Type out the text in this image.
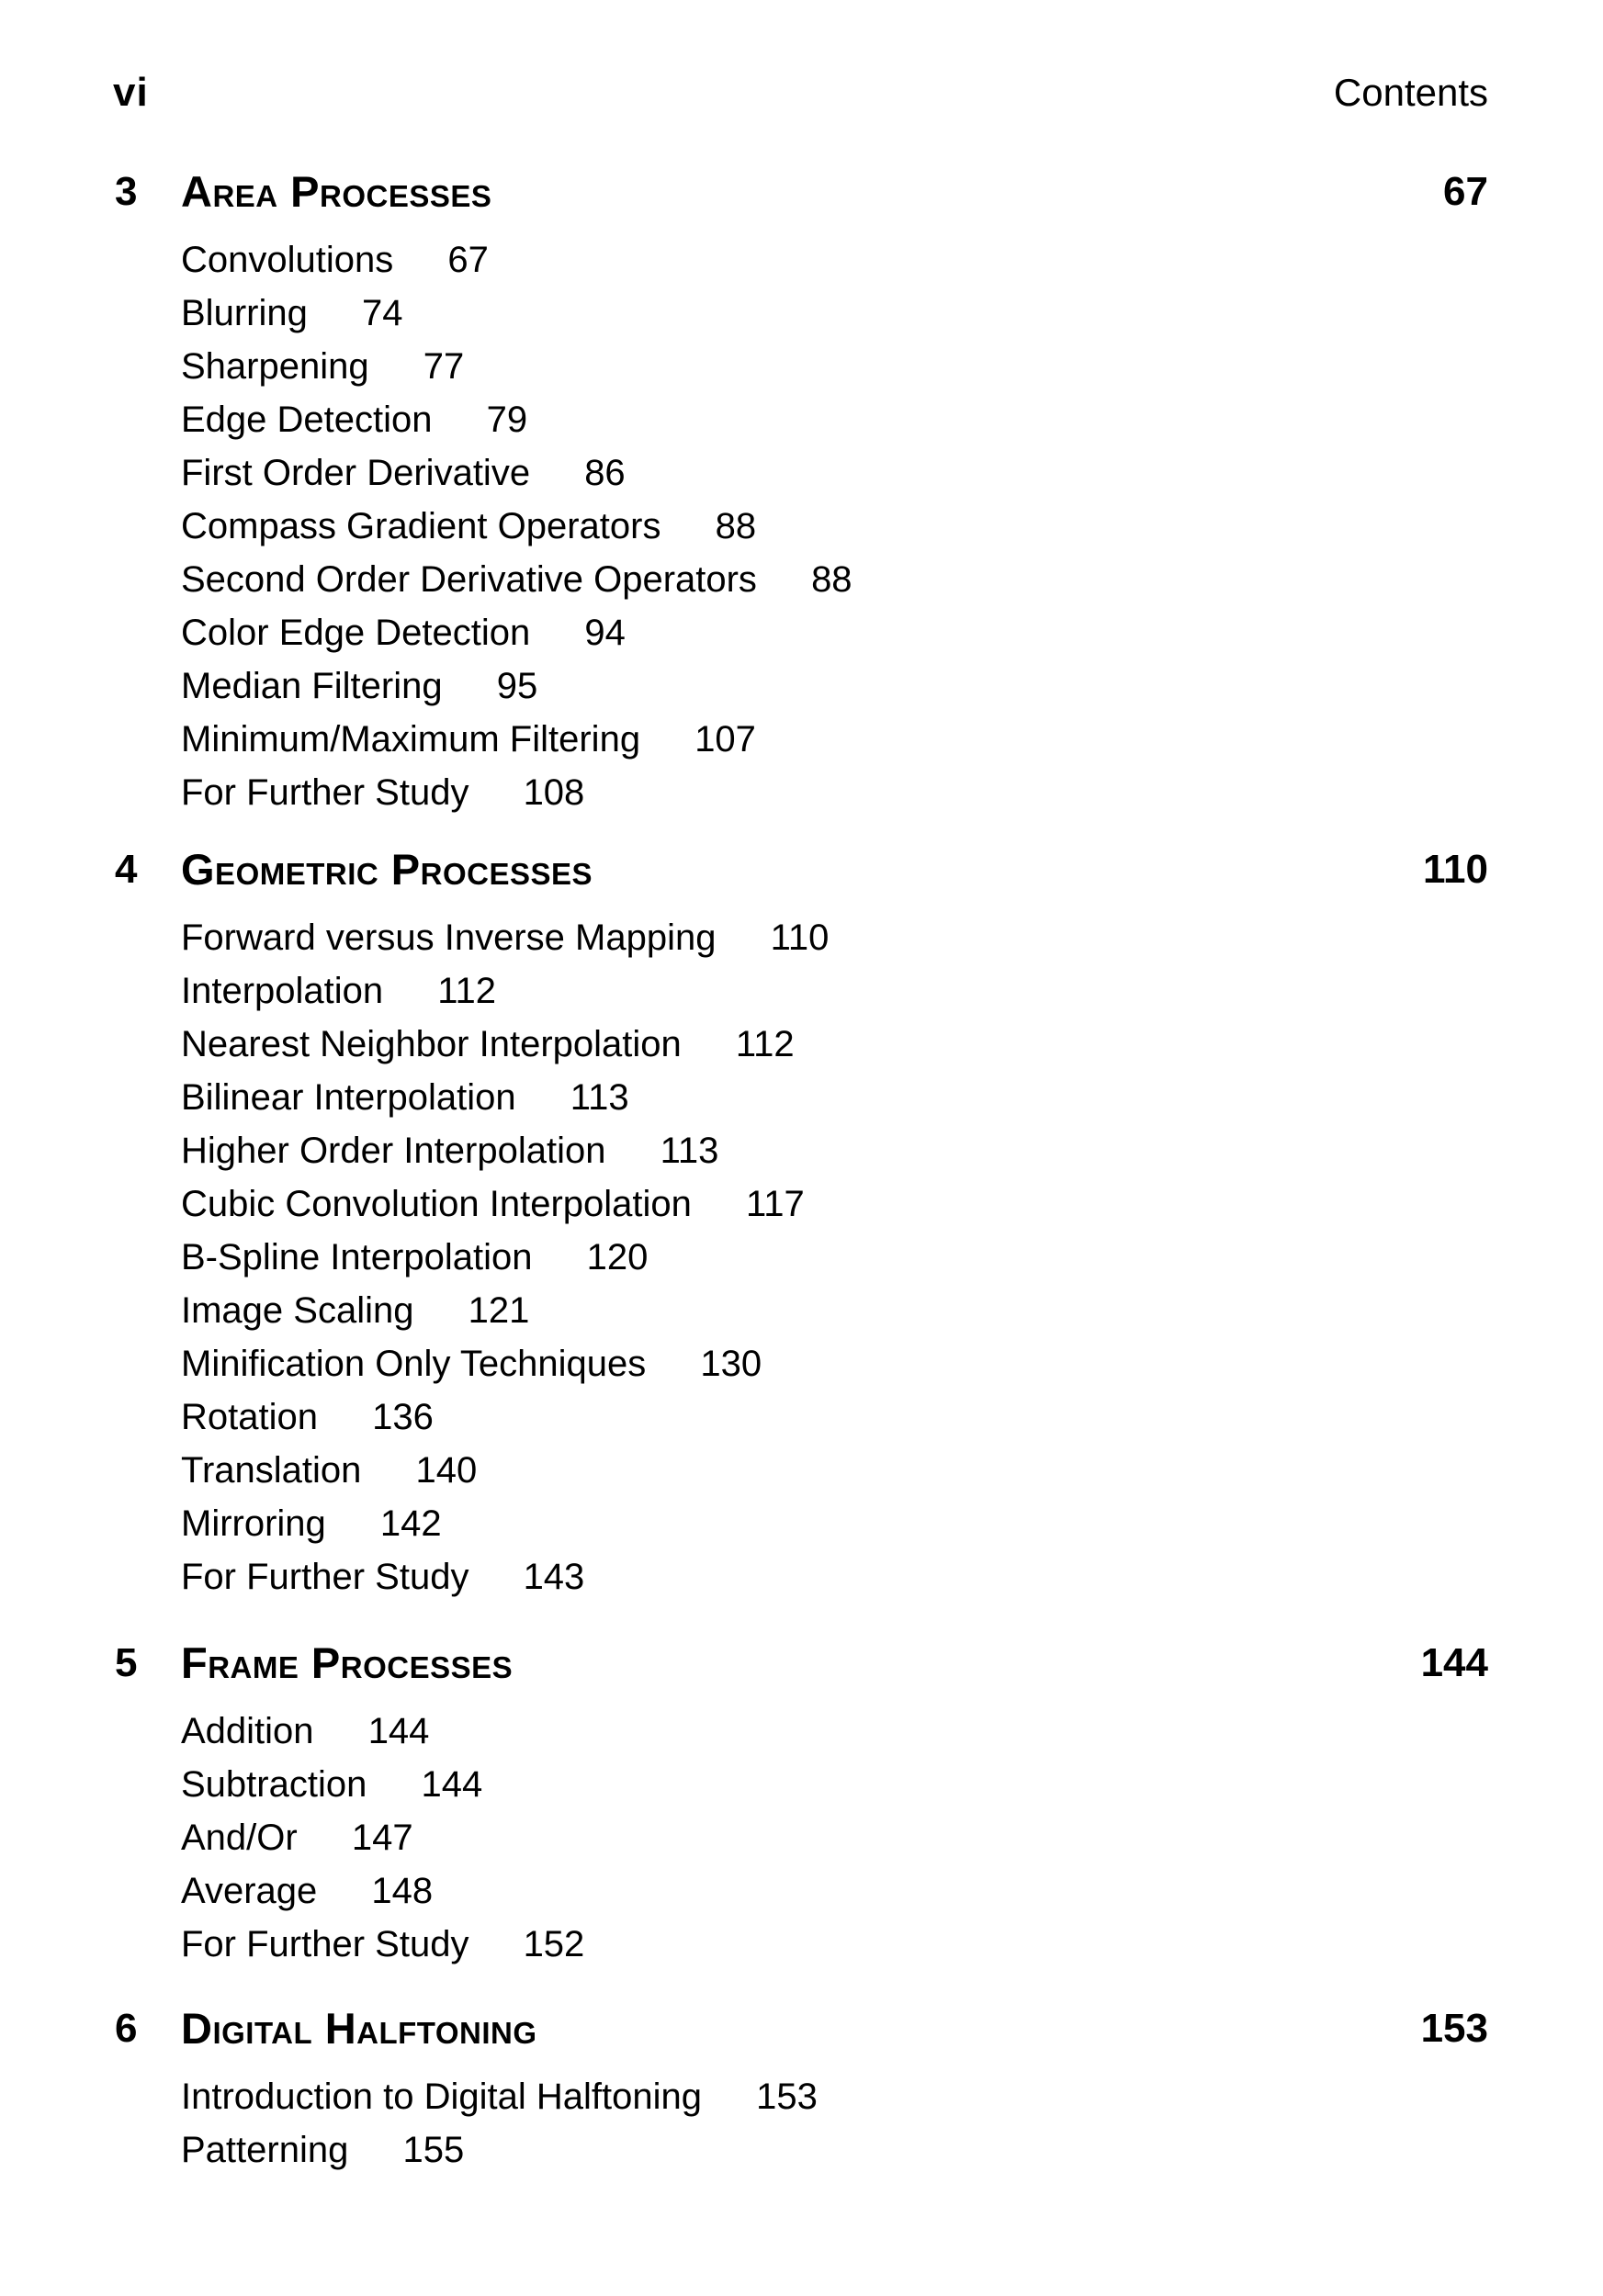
vi	Contents
3 Area Processes	67
Convolutions 67
Blurring 74
Sharpening 77
Edge Detection 79
First Order Derivative 86
Compass Gradient Operators 88
Second Order Derivative Operators 88
Color Edge Detection 94
Median Filtering 95
Minimum/Maximum Filtering 107
For Further Study 108
4 Geometric Processes	110
Forward versus Inverse Mapping 110
Interpolation 112
Nearest Neighbor Interpolation 112
Bilinear Interpolation 113
Higher Order Interpolation 113
Cubic Convolution Interpolation 117
B-Spline Interpolation 120
Image Scaling 121
Minification Only Techniques 130
Rotation 136
Translation 140
Mirroring 142
For Further Study 143
5 Frame Processes	144
Addition 144
Subtraction 144
And/Or 147
Average 148
For Further Study 152
6 Digital Halftoning	153
Introduction to Digital Halftoning 153
Patterning 155
